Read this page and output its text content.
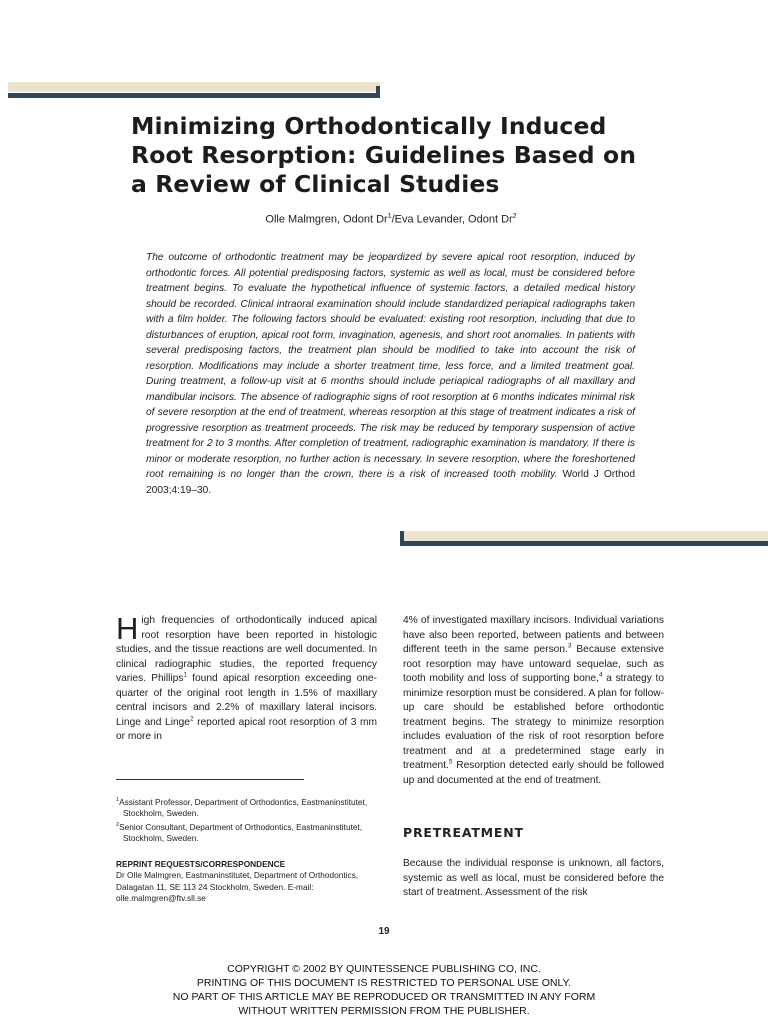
Minimizing Orthodontically Induced
Root Resorption: Guidelines Based on
a Review of Clinical Studies
Olle Malmgren, Odont Dr$^1$/Eva Levander, Odont Dr$^2$

The outcome of orthodontic treatment may be jeopardized by severe apical root resorption, induced by orthodontic forces. All potential predisposing factors, systemic as well as local, must be considered before treatment begins. To evaluate the hypothetical influence of systemic factors, a detailed medical history should be recorded. Clinical intraoral examination should include standardized periapical radiographs taken with a film holder. The following factors should be evaluated: existing root resorption, including that due to disturbances of eruption, apical root form, invagination, agenesis, and short root anomalies. In patients with several predisposing factors, the treatment plan should be modified to take into account the risk of resorption. Modifications may include a shorter treatment time, less force, and a limited treatment goal. During treatment, a follow-up visit at 6 months should include periapical radiographs of all maxillary and mandibular incisors. The absence of radiographic signs of root resorption at 6 months indicates minimal risk of severe resorption at the end of treatment, whereas resorption at this stage of treatment indicates a risk of progressive resorption as treatment proceeds. The risk may be reduced by temporary suspension of active treatment for 2 to 3 months. After completion of treatment, radiographic examination is mandatory. If there is minor or moderate resorption, no further action is necessary. In severe resorption, where the foreshortened root remaining is no longer than the crown, there is a risk of increased tooth mobility. World J Orthod 2003;4:19–30.

High frequencies of orthodontically induced apical root resorption have been reported in histologic studies, and the tissue reactions are well documented. In clinical radiographic studies, the reported frequency varies. Phillips$^1$ found apical resorption exceeding one-quarter of the original root length in 1.5% of maxillary central incisors and 2.2% of maxillary lateral incisors. Linge and Linge$^2$ reported apical root resorption of 3 mm or more in

$^1$Assistant Professor, Department of Orthodontics, Eastmaninstitutet, Stockholm, Sweden.

$^2$Senior Consultant, Department of Orthodontics, Eastmaninstitutet, Stockholm, Sweden.

REPRINT REQUESTS/CORRESPONDENCE

Dr Olle Malmgren, Eastmaninstitutet, Department of Orthodontics, Dalagatan 11, SE 113 24 Stockholm, Sweden. E-mail: olle.malmgren@ftv.sll.se

4% of investigated maxillary incisors. Individual variations have also been reported, between patients and between different teeth in the same person.$^3$ Because extensive root resorption may have untoward sequelae, such as tooth mobility and loss of supporting bone,$^4$ a strategy to minimize resorption must be considered. A plan for follow-up care should be established before orthodontic treatment begins. The strategy to minimize resorption includes evaluation of the risk of root resorption before treatment and at a predetermined stage early in treatment.$^5$ Resorption detected early should be followed up and documented at the end of treatment.
PRETREATMENT
Because the individual response is unknown, all factors, systemic as well as local, must be considered before the start of treatment. Assessment of the risk
19
COPYRIGHT © 2002 BY QUINTESSENCE PUBLISHING CO, INC.
PRINTING OF THIS DOCUMENT IS RESTRICTED TO PERSONAL USE ONLY.
NO PART OF THIS ARTICLE MAY BE REPRODUCED OR TRANSMITTED IN ANY FORM
WITHOUT WRITTEN PERMISSION FROM THE PUBLISHER.
